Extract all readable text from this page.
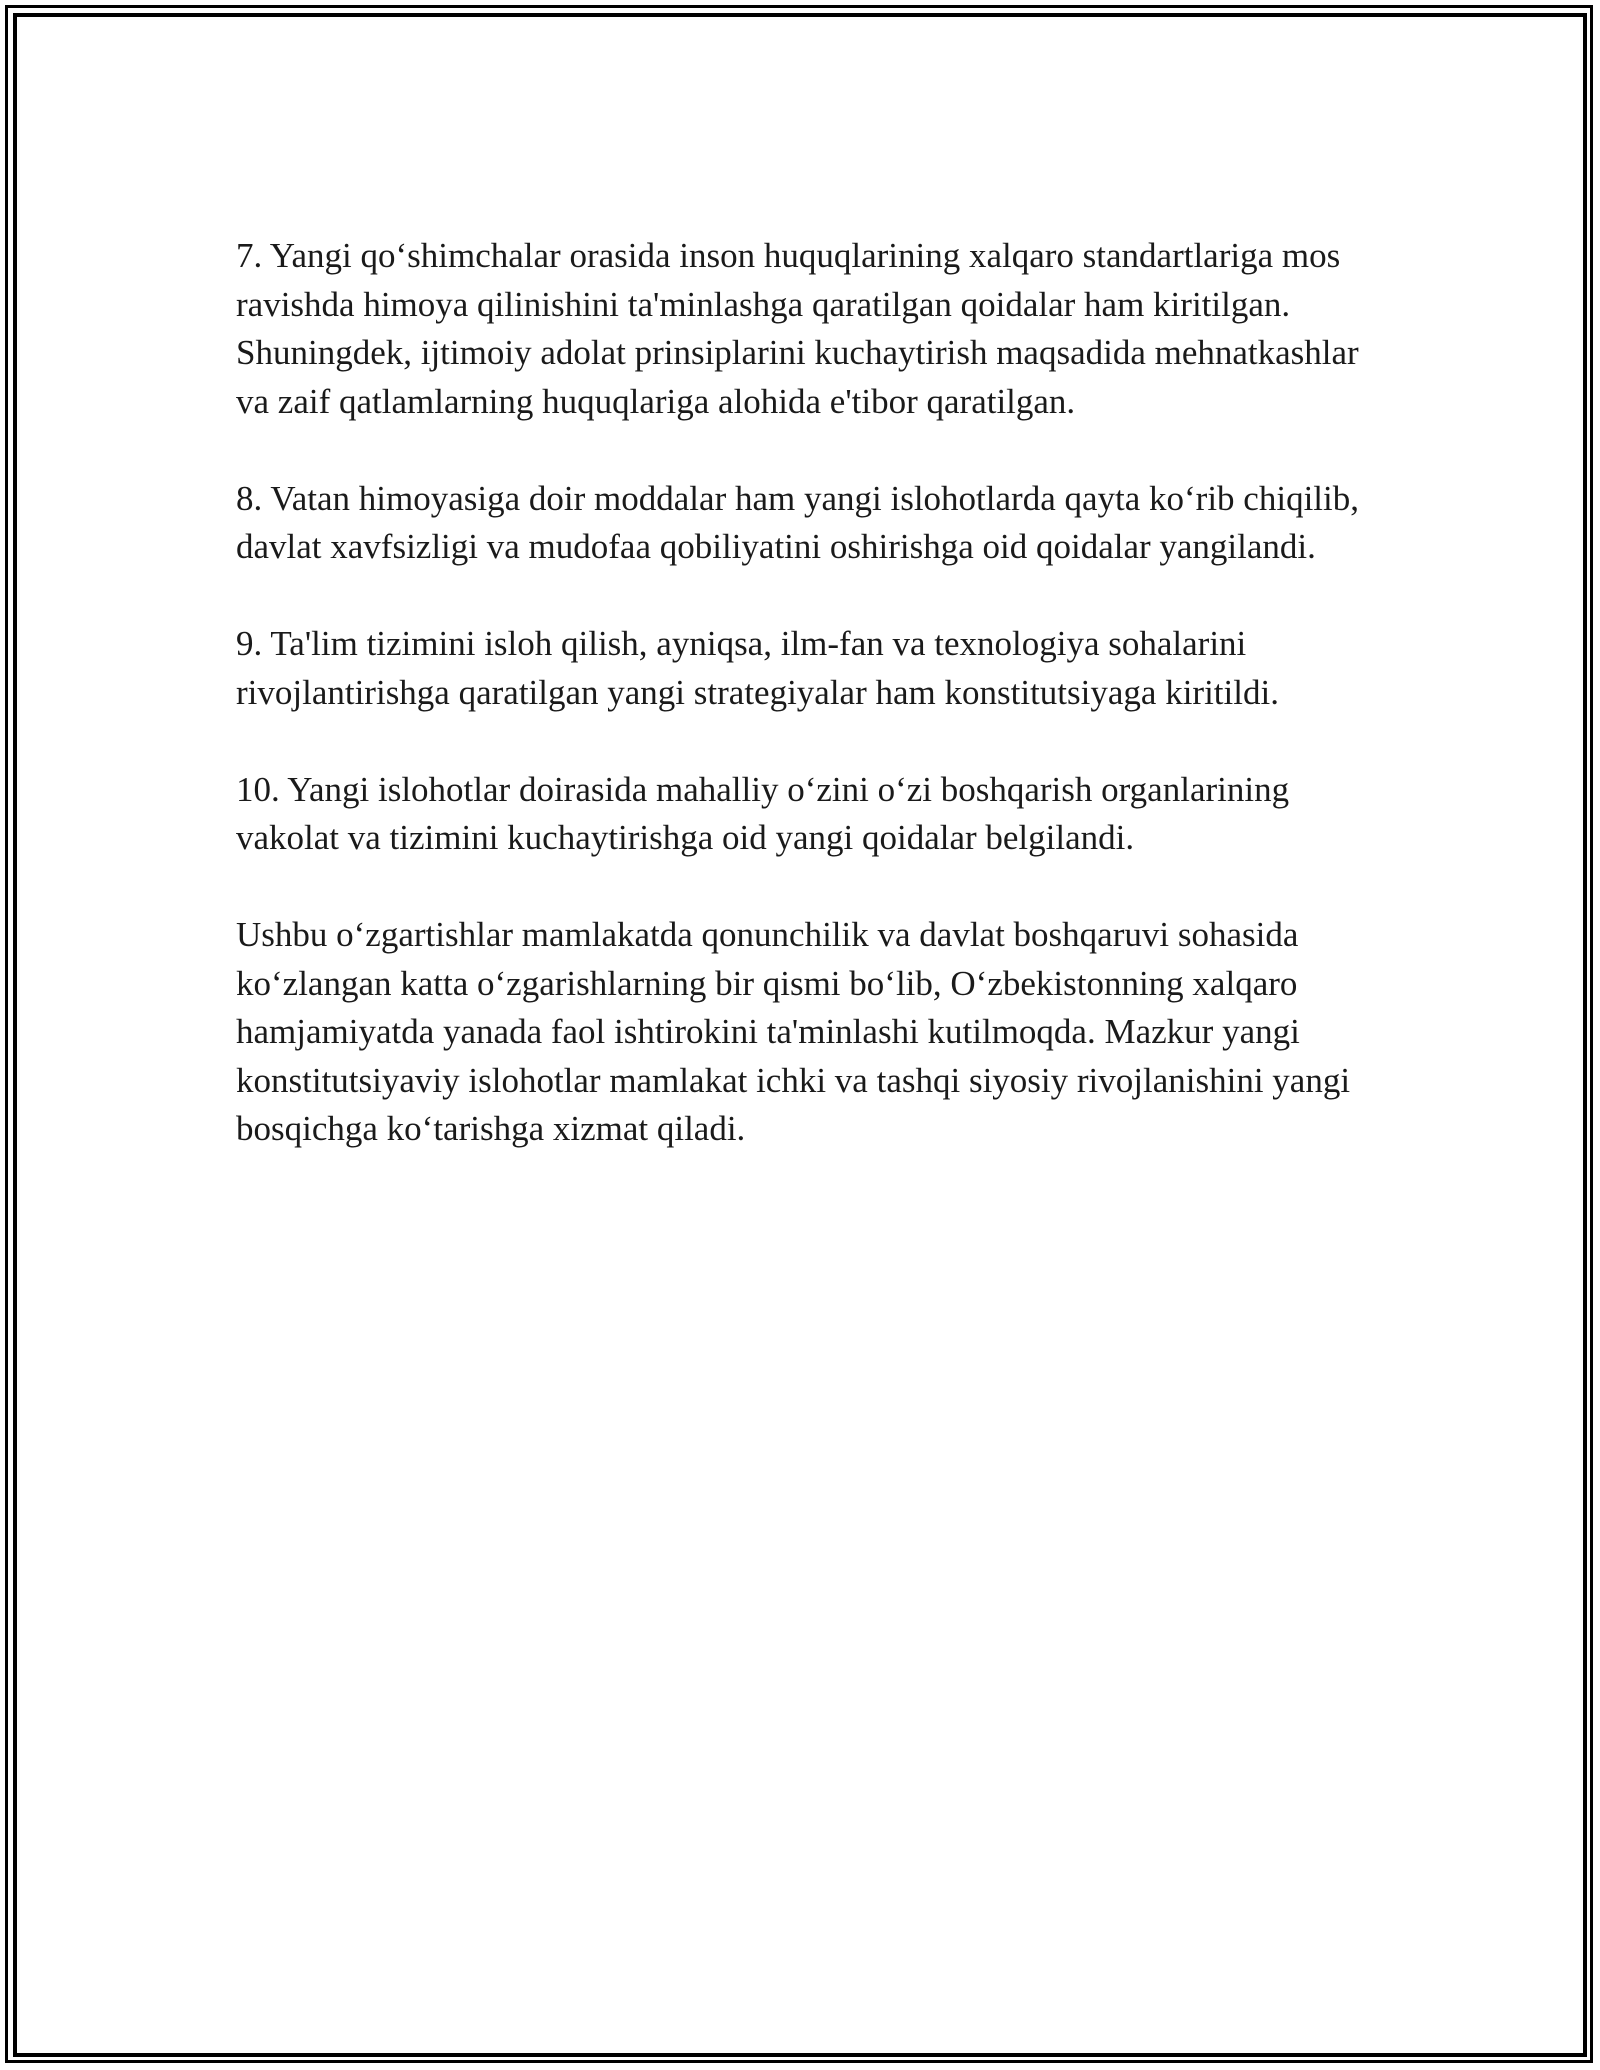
7. Yangi qo‘shimchalar orasida inson huquqlarining xalqaro standartlariga mos ravishda himoya qilinishini ta'minlashga qaratilgan qoidalar ham kiritilgan. Shuningdek, ijtimoiy adolat prinsiplarini kuchaytirish maqsadida mehnatkashlar va zaif qatlamlarning huquqlariga alohida e'tibor qaratilgan.

8. Vatan himoyasiga doir moddalar ham yangi islohotlarda qayta ko‘rib chiqilib, davlat xavfsizligi va mudofaa qobiliyatini oshirishga oid qoidalar yangilandi.

9. Ta'lim tizimini isloh qilish, ayniqsa, ilm-fan va texnologiya sohalarini rivojlantirishga qaratilgan yangi strategiyalar ham konstitutsiyaga kiritildi.

10. Yangi islohotlar doirasida mahalliy o‘zini o‘zi boshqarish organlarining vakolat va tizimini kuchaytirishga oid yangi qoidalar belgilandi.

Ushbu o‘zgartishlar mamlakatda qonunchilik va davlat boshqaruvi sohasida ko‘zlangan katta o‘zgarishlarning bir qismi bo‘lib, O‘zbekistonning xalqaro hamjamiyatda yanada faol ishtirokini ta'minlashi kutilmoqda. Mazkur yangi konstitutsiyaviy islohotlar mamlakat ichki va tashqi siyosiy rivojlanishini yangi bosqichga ko‘tarishga xizmat qiladi.
